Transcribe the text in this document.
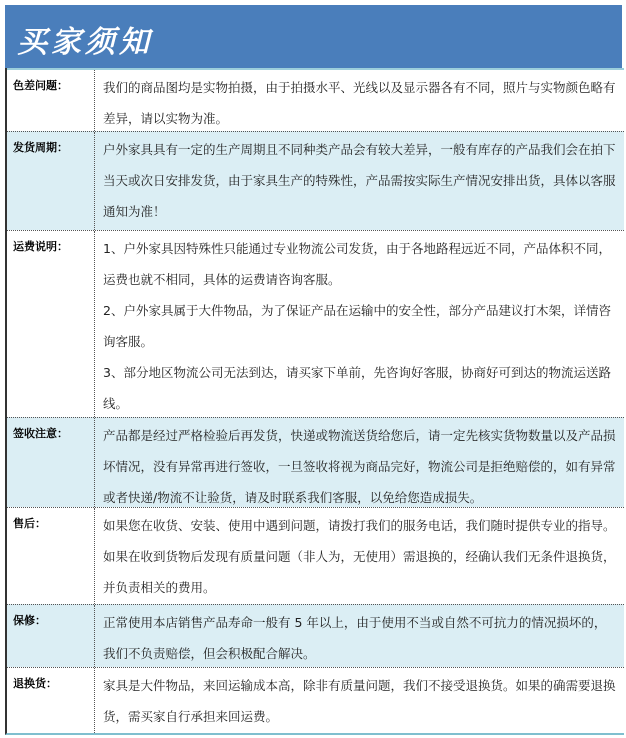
买家须知
色差问题：	我们的商品图均是实物拍摄，由于拍摄水平、光线以及显示器各有不同，照片与实物颜色略有差异，请以实物为准。

发货周期：	户外家具具有一定的生产周期且不同种类产品会有较大差异，一般有库存的产品我们会在拍下当天或次日安排发货，由于家具生产的特殊性，产品需按实际生产情况安排出货，具体以客服通知为准！

运费说明：	1、户外家具因特殊性只能通过专业物流公司发货，由于各地路程远近不同，产品体积不同，运费也就不相同，具体的运费请咨询客服。

2、户外家具属于大件物品，为了保证产品在运输中的安全性，部分产品建议打木架，详情咨询客服。

3、部分地区物流公司无法到达，请买家下单前，先咨询好客服，协商好可到达的物流运送路线。

签收注意：	产品都是经过严格检验后再发货，快递或物流送货给您后，请一定先核实货物数量以及产品损坏情况，没有异常再进行签收，一旦签收将视为商品完好，物流公司是拒绝赔偿的，如有异常或者快递/物流不让验货，请及时联系我们客服，以免给您造成损失。

售后：	如果您在收货、安装、使用中遇到问题，请拨打我们的服务电话，我们随时提供专业的指导。如果在收到货物后发现有质量问题（非人为，无使用）需退换的，经确认我们无条件退换货，并负责相关的费用。

保修：	正常使用本店销售产品寿命一般有 5 年以上，由于使用不当或自然不可抗力的情况损坏的，我们不负责赔偿，但会积极配合解决。

退换货：	家具是大件物品，来回运输成本高，除非有质量问题，我们不接受退换货。如果的确需要退换货，需买家自行承担来回运费。
